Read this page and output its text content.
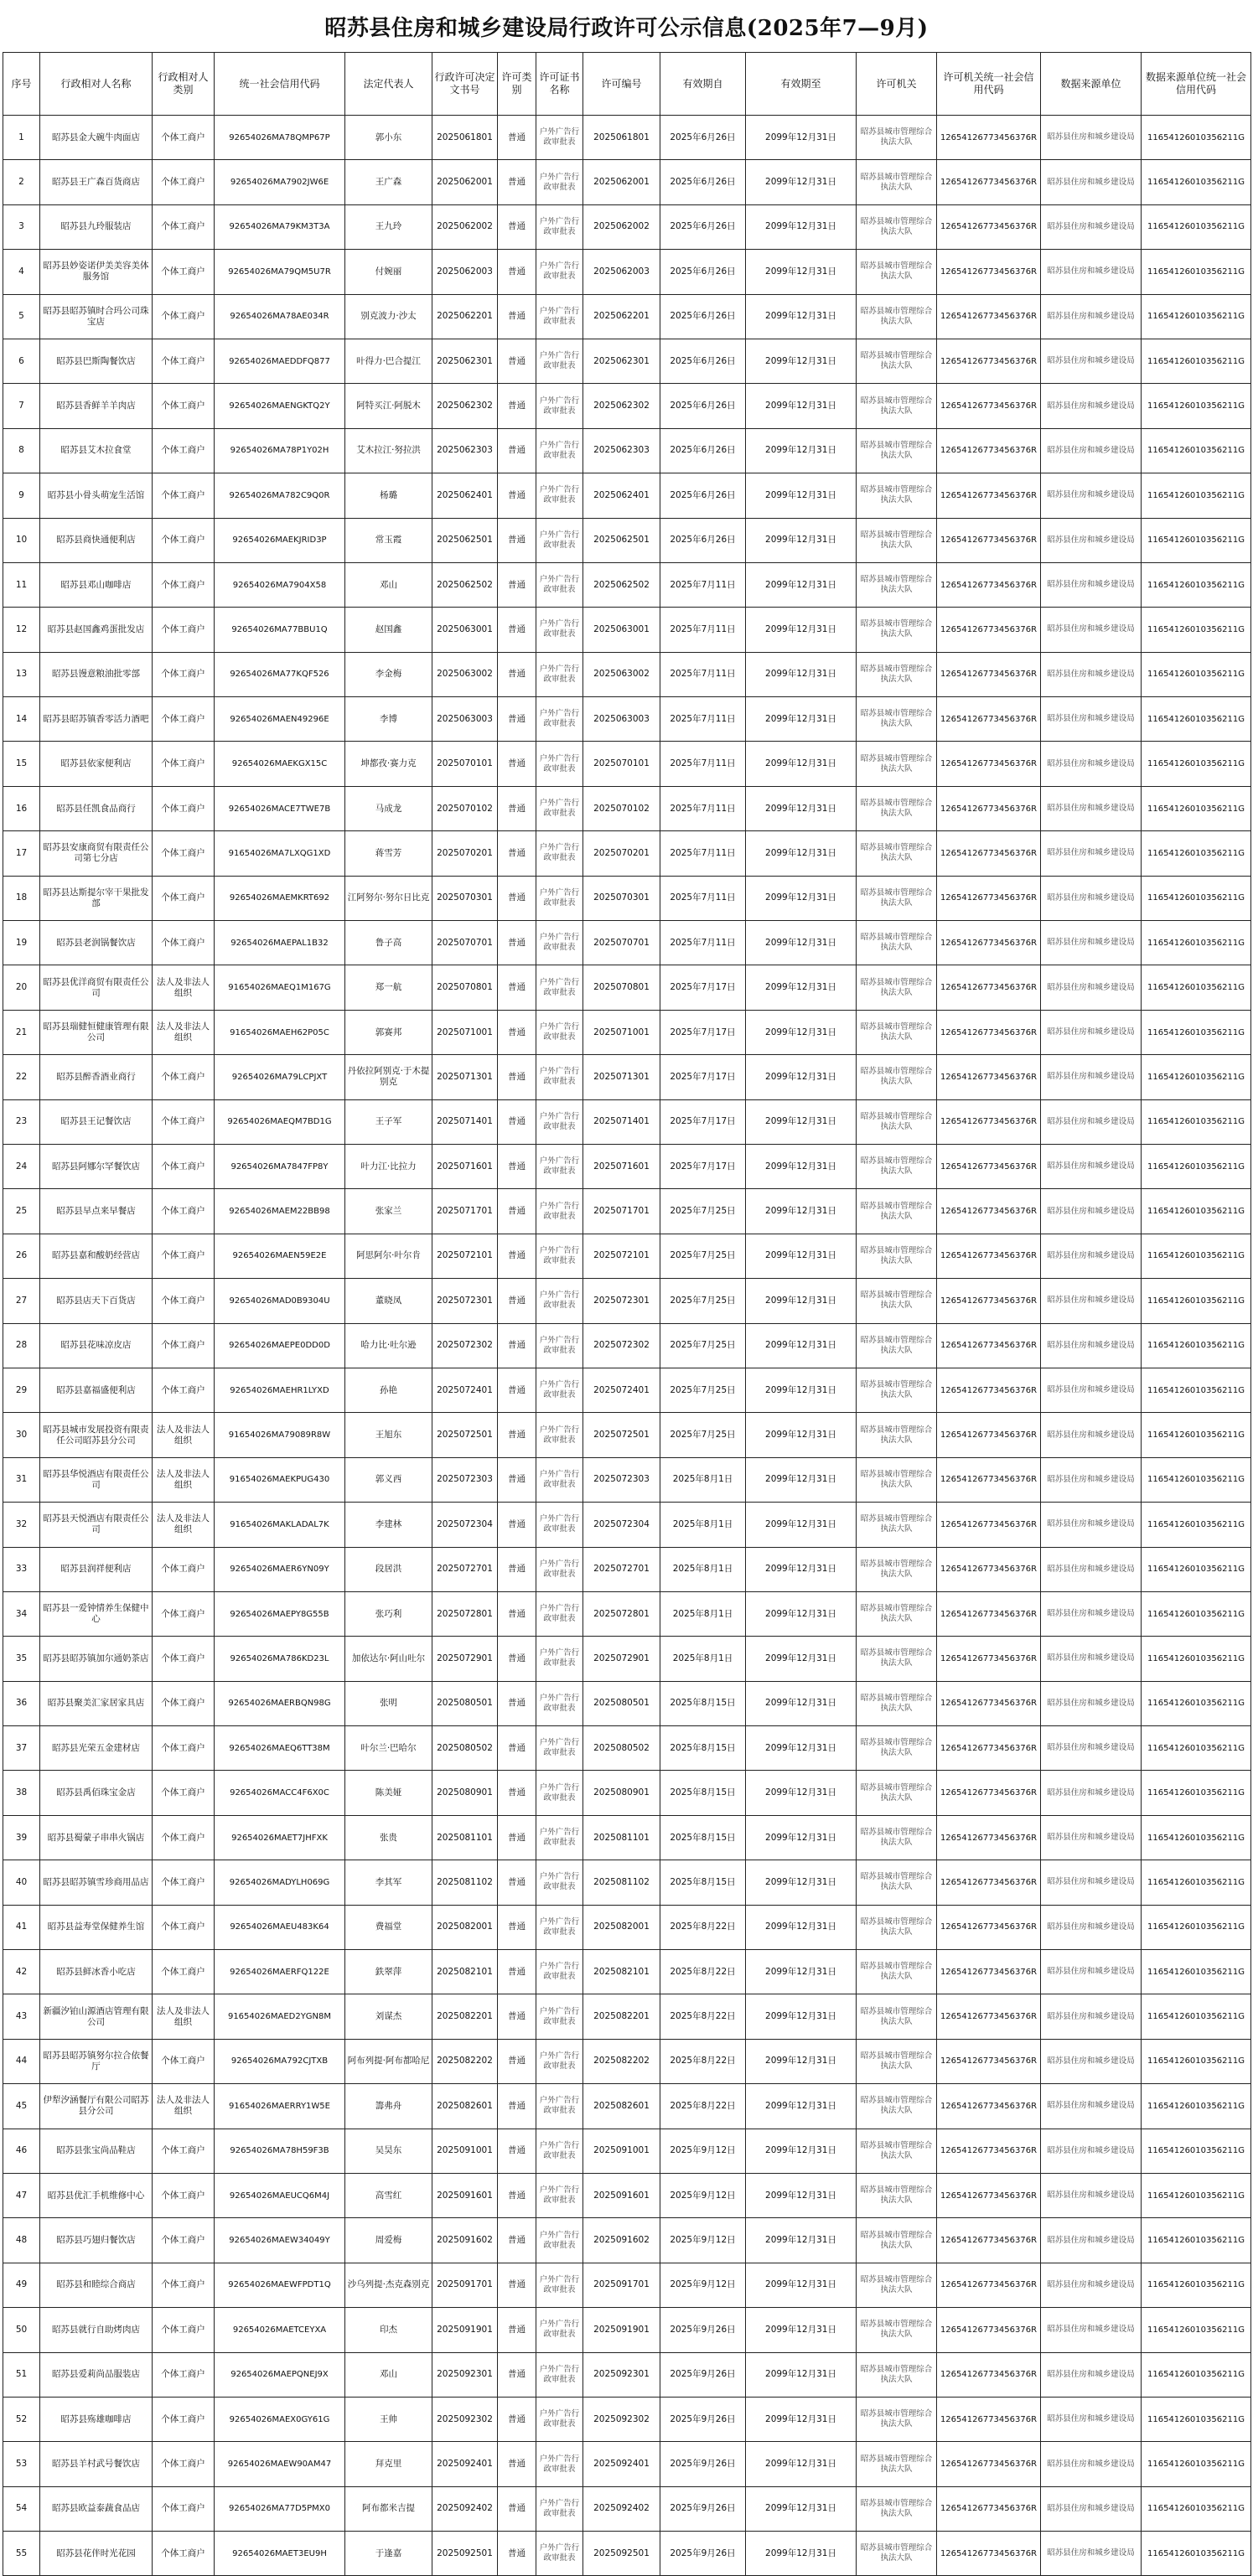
昭苏县住房和城乡建设局行政许可公示信息(2025年7—9月)
序号	行政相对人名称	行政相对人类别	统一社会信用代码	法定代表人	行政许可决定文书号	许可类别	许可证书名称	许可编号	有效期自	有效期至	许可机关	许可机关统一社会信用代码	数据来源单位	数据来源单位统一社会信用代码
1	昭苏县金大碗牛肉面店	个体工商户	92654026MA78QMP67P	郭小东	2025061801	普通	户外广告行政审批表	2025061801	2025年6月26日	2099年12月31日	昭苏县城市管理综合执法大队	12654126773456376R	昭苏县住房和城乡建设局	11654126010356211G
2	昭苏县王广森百货商店	个体工商户	92654026MA7902JW6E	王广森	2025062001	普通	户外广告行政审批表	2025062001	2025年6月26日	2099年12月31日	昭苏县城市管理综合执法大队	12654126773456376R	昭苏县住房和城乡建设局	11654126010356211G
3	昭苏县九玲服装店	个体工商户	92654026MA79KM3T3A	王九玲	2025062002	普通	户外广告行政审批表	2025062002	2025年6月26日	2099年12月31日	昭苏县城市管理综合执法大队	12654126773456376R	昭苏县住房和城乡建设局	11654126010356211G
4	昭苏县妙姿诺伊美美容美体服务馆	个体工商户	92654026MA79QM5U7R	付婉丽	2025062003	普通	户外广告行政审批表	2025062003	2025年6月26日	2099年12月31日	昭苏县城市管理综合执法大队	12654126773456376R	昭苏县住房和城乡建设局	11654126010356211G
5	昭苏县昭苏镇时合玛公司珠宝店	个体工商户	92654026MA78AE034R	别克波力·沙太	2025062201	普通	户外广告行政审批表	2025062201	2025年6月26日	2099年12月31日	昭苏县城市管理综合执法大队	12654126773456376R	昭苏县住房和城乡建设局	11654126010356211G
6	昭苏县巴斯陶餐饮店	个体工商户	92654026MAEDDFQ877	叶得力·巴合提江	2025062301	普通	户外广告行政审批表	2025062301	2025年6月26日	2099年12月31日	昭苏县城市管理综合执法大队	12654126773456376R	昭苏县住房和城乡建设局	11654126010356211G
7	昭苏县香鲜羊羊肉店	个体工商户	92654026MAENGKTQ2Y	阿特买江·阿脱木	2025062302	普通	户外广告行政审批表	2025062302	2025年6月26日	2099年12月31日	昭苏县城市管理综合执法大队	12654126773456376R	昭苏县住房和城乡建设局	11654126010356211G
8	昭苏县艾木拉食堂	个体工商户	92654026MA78P1Y02H	艾木拉江·努拉洪	2025062303	普通	户外广告行政审批表	2025062303	2025年6月26日	2099年12月31日	昭苏县城市管理综合执法大队	12654126773456376R	昭苏县住房和城乡建设局	11654126010356211G
9	昭苏县小骨头萌宠生活馆	个体工商户	92654026MA782C9Q0R	杨璐	2025062401	普通	户外广告行政审批表	2025062401	2025年6月26日	2099年12月31日	昭苏县城市管理综合执法大队	12654126773456376R	昭苏县住房和城乡建设局	11654126010356211G
10	昭苏县商快通便利店	个体工商户	92654026MAEKJRID3P	常玉霞	2025062501	普通	户外广告行政审批表	2025062501	2025年6月26日	2099年12月31日	昭苏县城市管理综合执法大队	12654126773456376R	昭苏县住房和城乡建设局	11654126010356211G
11	昭苏县邓山咖啡店	个体工商户	92654026MA7904X58	邓山	2025062502	普通	户外广告行政审批表	2025062502	2025年7月11日	2099年12月31日	昭苏县城市管理综合执法大队	12654126773456376R	昭苏县住房和城乡建设局	11654126010356211G
12	昭苏县赵国鑫鸡蛋批发店	个体工商户	92654026MA77BBU1Q	赵国鑫	2025063001	普通	户外广告行政审批表	2025063001	2025年7月11日	2099年12月31日	昭苏县城市管理综合执法大队	12654126773456376R	昭苏县住房和城乡建设局	11654126010356211G
13	昭苏县馒意粮油批零部	个体工商户	92654026MA77KQF526	李金梅	2025063002	普通	户外广告行政审批表	2025063002	2025年7月11日	2099年12月31日	昭苏县城市管理综合执法大队	12654126773456376R	昭苏县住房和城乡建设局	11654126010356211G
14	昭苏县昭苏镇香零活力酒吧	个体工商户	92654026MAEN49296E	李博	2025063003	普通	户外广告行政审批表	2025063003	2025年7月11日	2099年12月31日	昭苏县城市管理综合执法大队	12654126773456376R	昭苏县住房和城乡建设局	11654126010356211G
15	昭苏县依家便利店	个体工商户	92654026MAEKGX15C	坤都孜·赛力克	2025070101	普通	户外广告行政审批表	2025070101	2025年7月11日	2099年12月31日	昭苏县城市管理综合执法大队	12654126773456376R	昭苏县住房和城乡建设局	11654126010356211G
16	昭苏县任凯食品商行	个体工商户	92654026MACE7TWE7B	马成龙	2025070102	普通	户外广告行政审批表	2025070102	2025年7月11日	2099年12月31日	昭苏县城市管理综合执法大队	12654126773456376R	昭苏县住房和城乡建设局	11654126010356211G
17	昭苏县安康商贸有限责任公司第七分店	个体工商户	91654026MA7LXQG1XD	蒋雪芳	2025070201	普通	户外广告行政审批表	2025070201	2025年7月11日	2099年12月31日	昭苏县城市管理综合执法大队	12654126773456376R	昭苏县住房和城乡建设局	11654126010356211G
18	昭苏县达斯提尔宰干果批发部	个体工商户	92654026MAEMKRT692	江阿努尔·努尔日比克	2025070301	普通	户外广告行政审批表	2025070301	2025年7月11日	2099年12月31日	昭苏县城市管理综合执法大队	12654126773456376R	昭苏县住房和城乡建设局	11654126010356211G
19	昭苏县老润锅餐饮店	个体工商户	92654026MAEPAL1B32	鲁子高	2025070701	普通	户外广告行政审批表	2025070701	2025年7月11日	2099年12月31日	昭苏县城市管理综合执法大队	12654126773456376R	昭苏县住房和城乡建设局	11654126010356211G
20	昭苏县优洋商贸有限责任公司	法人及非法人组织	91654026MAEQ1M167G	郑一航	2025070801	普通	户外广告行政审批表	2025070801	2025年7月17日	2099年12月31日	昭苏县城市管理综合执法大队	12654126773456376R	昭苏县住房和城乡建设局	11654126010356211G
21	昭苏县瑞健恒健康管理有限公司	法人及非法人组织	91654026MAEH62P05C	郭赛邦	2025071001	普通	户外广告行政审批表	2025071001	2025年7月17日	2099年12月31日	昭苏县城市管理综合执法大队	12654126773456376R	昭苏县住房和城乡建设局	11654126010356211G
22	昭苏县醉香酒业商行	个体工商户	92654026MA79LCPJXT	丹依拉阿别克·于木提别克	2025071301	普通	户外广告行政审批表	2025071301	2025年7月17日	2099年12月31日	昭苏县城市管理综合执法大队	12654126773456376R	昭苏县住房和城乡建设局	11654126010356211G
23	昭苏县王记餐饮店	个体工商户	92654026MAEQM7BD1G	王子军	2025071401	普通	户外广告行政审批表	2025071401	2025年7月17日	2099年12月31日	昭苏县城市管理综合执法大队	12654126773456376R	昭苏县住房和城乡建设局	11654126010356211G
24	昭苏县阿娜尔罕餐饮店	个体工商户	92654026MA7847FP8Y	叶力江·比拉力	2025071601	普通	户外广告行政审批表	2025071601	2025年7月17日	2099年12月31日	昭苏县城市管理综合执法大队	12654126773456376R	昭苏县住房和城乡建设局	11654126010356211G
25	昭苏县早点来早餐店	个体工商户	92654026MAEM22BB98	张家兰	2025071701	普通	户外广告行政审批表	2025071701	2025年7月25日	2099年12月31日	昭苏县城市管理综合执法大队	12654126773456376R	昭苏县住房和城乡建设局	11654126010356211G
26	昭苏县嘉和酸奶经营店	个体工商户	92654026MAEN59E2E	阿思阿尔·叶尔肯	2025072101	普通	户外广告行政审批表	2025072101	2025年7月25日	2099年12月31日	昭苏县城市管理综合执法大队	12654126773456376R	昭苏县住房和城乡建设局	11654126010356211G
27	昭苏县店天下百货店	个体工商户	92654026MAD0B9304U	董晓凤	2025072301	普通	户外广告行政审批表	2025072301	2025年7月25日	2099年12月31日	昭苏县城市管理综合执法大队	12654126773456376R	昭苏县住房和城乡建设局	11654126010356211G
28	昭苏县花味凉皮店	个体工商户	92654026MAEPE0DD0D	哈力比·吐尔逊	2025072302	普通	户外广告行政审批表	2025072302	2025年7月25日	2099年12月31日	昭苏县城市管理综合执法大队	12654126773456376R	昭苏县住房和城乡建设局	11654126010356211G
29	昭苏县嘉福盛便利店	个体工商户	92654026MAEHR1LYXD	孙艳	2025072401	普通	户外广告行政审批表	2025072401	2025年7月25日	2099年12月31日	昭苏县城市管理综合执法大队	12654126773456376R	昭苏县住房和城乡建设局	11654126010356211G
30	昭苏县城市发展投资有限责任公司昭苏县分公司	法人及非法人组织	91654026MA79089R8W	王旭东	2025072501	普通	户外广告行政审批表	2025072501	2025年7月25日	2099年12月31日	昭苏县城市管理综合执法大队	12654126773456376R	昭苏县住房和城乡建设局	11654126010356211G
31	昭苏县华悦酒店有限责任公司	法人及非法人组织	91654026MAEKPUG430	郭义西	2025072303	普通	户外广告行政审批表	2025072303	2025年8月1日	2099年12月31日	昭苏县城市管理综合执法大队	12654126773456376R	昭苏县住房和城乡建设局	11654126010356211G
32	昭苏县天悦酒店有限责任公司	法人及非法人组织	91654026MAKLADAL7K	李建林	2025072304	普通	户外广告行政审批表	2025072304	2025年8月1日	2099年12月31日	昭苏县城市管理综合执法大队	12654126773456376R	昭苏县住房和城乡建设局	11654126010356211G
33	昭苏县润祥便利店	个体工商户	92654026MAER6YN09Y	段居洪	2025072701	普通	户外广告行政审批表	2025072701	2025年8月1日	2099年12月31日	昭苏县城市管理综合执法大队	12654126773456376R	昭苏县住房和城乡建设局	11654126010356211G
34	昭苏县一爱钟情养生保健中心	个体工商户	92654026MAEPY8G55B	张巧利	2025072801	普通	户外广告行政审批表	2025072801	2025年8月1日	2099年12月31日	昭苏县城市管理综合执法大队	12654126773456376R	昭苏县住房和城乡建设局	11654126010356211G
35	昭苏县昭苏镇加尔通奶茶店	个体工商户	92654026MA786KD23L	加依达尔·阿山吐尔	2025072901	普通	户外广告行政审批表	2025072901	2025年8月1日	2099年12月31日	昭苏县城市管理综合执法大队	12654126773456376R	昭苏县住房和城乡建设局	11654126010356211G
36	昭苏县聚美汇家居家具店	个体工商户	92654026MAERBQN98G	张明	2025080501	普通	户外广告行政审批表	2025080501	2025年8月15日	2099年12月31日	昭苏县城市管理综合执法大队	12654126773456376R	昭苏县住房和城乡建设局	11654126010356211G
37	昭苏县光荣五金建材店	个体工商户	92654026MAEQ6TT38M	叶尔兰·巴哈尔	2025080502	普通	户外广告行政审批表	2025080502	2025年8月15日	2099年12月31日	昭苏县城市管理综合执法大队	12654126773456376R	昭苏县住房和城乡建设局	11654126010356211G
38	昭苏县禹佰珠宝金店	个体工商户	92654026MACC4F6X0C	陈美娅	2025080901	普通	户外广告行政审批表	2025080901	2025年8月15日	2099年12月31日	昭苏县城市管理综合执法大队	12654126773456376R	昭苏县住房和城乡建设局	11654126010356211G
39	昭苏县蜀蒙子串串火锅店	个体工商户	92654026MAET7JHFXK	张贵	2025081101	普通	户外广告行政审批表	2025081101	2025年8月15日	2099年12月31日	昭苏县城市管理综合执法大队	12654126773456376R	昭苏县住房和城乡建设局	11654126010356211G
40	昭苏县昭苏镇雪珍商用品店	个体工商户	92654026MADYLH069G	李其军	2025081102	普通	户外广告行政审批表	2025081102	2025年8月15日	2099年12月31日	昭苏县城市管理综合执法大队	12654126773456376R	昭苏县住房和城乡建设局	11654126010356211G
41	昭苏县益寿堂保健养生馆	个体工商户	92654026MAEU483K64	费福堂	2025082001	普通	户外广告行政审批表	2025082001	2025年8月22日	2099年12月31日	昭苏县城市管理综合执法大队	12654126773456376R	昭苏县住房和城乡建设局	11654126010356211G
42	昭苏县鲜冰香小吃店	个体工商户	92654026MAERFQ122E	鉄翠萍	2025082101	普通	户外广告行政审批表	2025082101	2025年8月22日	2099年12月31日	昭苏县城市管理综合执法大队	12654126773456376R	昭苏县住房和城乡建设局	11654126010356211G
43	新疆汐铂山源酒店管理有限公司	法人及非法人组织	91654026MAED2YGN8M	刘谋杰	2025082201	普通	户外广告行政审批表	2025082201	2025年8月22日	2099年12月31日	昭苏县城市管理综合执法大队	12654126773456376R	昭苏县住房和城乡建设局	11654126010356211G
44	昭苏县昭苏镇努尔拉合依餐厅	个体工商户	92654026MA792CJTXB	阿布列提·阿布都哈尼	2025082202	普通	户外广告行政审批表	2025082202	2025年8月22日	2099年12月31日	昭苏县城市管理综合执法大队	12654126773456376R	昭苏县住房和城乡建设局	11654126010356211G
45	伊犁汐涵餐厅有限公司昭苏县分公司	法人及非法人组织	91654026MAERRY1W5E	籌弗舟	2025082601	普通	户外广告行政审批表	2025082601	2025年8月22日	2099年12月31日	昭苏县城市管理综合执法大队	12654126773456376R	昭苏县住房和城乡建设局	11654126010356211G
46	昭苏县张宝尚品鞋店	个体工商户	92654026MA78H59F3B	吴昊东	2025091001	普通	户外广告行政审批表	2025091001	2025年9月12日	2099年12月31日	昭苏县城市管理综合执法大队	12654126773456376R	昭苏县住房和城乡建设局	11654126010356211G
47	昭苏县优汇手机维修中心	个体工商户	92654026MAEUCQ6M4J	高雪红	2025091601	普通	户外广告行政审批表	2025091601	2025年9月12日	2099年12月31日	昭苏县城市管理综合执法大队	12654126773456376R	昭苏县住房和城乡建设局	11654126010356211G
48	昭苏县巧翅归餐饮店	个体工商户	92654026MAEW34049Y	周爱梅	2025091602	普通	户外广告行政审批表	2025091602	2025年9月12日	2099年12月31日	昭苏县城市管理综合执法大队	12654126773456376R	昭苏县住房和城乡建设局	11654126010356211G
49	昭苏县和睦综合商店	个体工商户	92654026MAEWFPDT1Q	沙乌列提·杰克森别克	2025091701	普通	户外广告行政审批表	2025091701	2025年9月12日	2099年12月31日	昭苏县城市管理综合执法大队	12654126773456376R	昭苏县住房和城乡建设局	11654126010356211G
50	昭苏县就行自助烤肉店	个体工商户	92654026MAETCEYXA	印杰	2025091901	普通	户外广告行政审批表	2025091901	2025年9月26日	2099年12月31日	昭苏县城市管理综合执法大队	12654126773456376R	昭苏县住房和城乡建设局	11654126010356211G
51	昭苏县爱莉尚品服装店	个体工商户	92654026MAEPQNEJ9X	邓山	2025092301	普通	户外广告行政审批表	2025092301	2025年9月26日	2099年12月31日	昭苏县城市管理综合执法大队	12654126773456376R	昭苏县住房和城乡建设局	11654126010356211G
52	昭苏县殇雄咖啡店	个体工商户	92654026MAEX0GY61G	王帅	2025092302	普通	户外广告行政审批表	2025092302	2025年9月26日	2099年12月31日	昭苏县城市管理综合执法大队	12654126773456376R	昭苏县住房和城乡建设局	11654126010356211G
53	昭苏县羊村武号餐饮店	个体工商户	92654026MAEW90AM47	拜克里	2025092401	普通	户外广告行政审批表	2025092401	2025年9月26日	2099年12月31日	昭苏县城市管理综合执法大队	12654126773456376R	昭苏县住房和城乡建设局	11654126010356211G
54	昭苏县欧益泰蔬食品店	个体工商户	92654026MA77D5PMX0	阿布都米吉提	2025092402	普通	户外广告行政审批表	2025092402	2025年9月26日	2099年12月31日	昭苏县城市管理综合执法大队	12654126773456376R	昭苏县住房和城乡建设局	11654126010356211G
55	昭苏县花伴时光花园	个体工商户	92654026MAET3EU9H	于逢嘉	2025092501	普通	户外广告行政审批表	2025092501	2025年9月26日	2099年12月31日	昭苏县城市管理综合执法大队	12654126773456376R	昭苏县住房和城乡建设局	11654126010356211G
